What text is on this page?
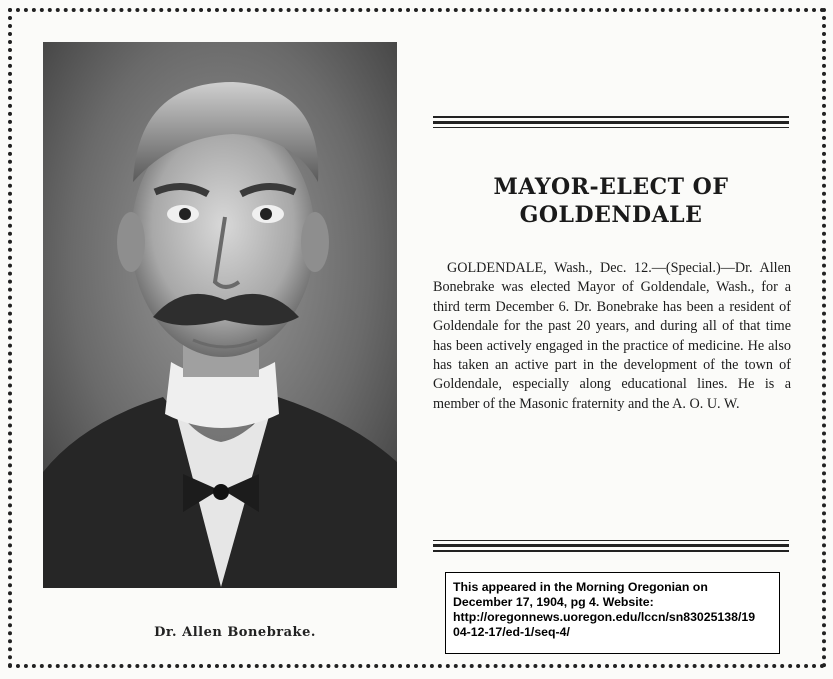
Dr. Allen Bonebrake.
MAYOR-ELECT OF
GOLDENDALE
GOLDENDALE, Wash., Dec. 12.—(Special.)—Dr. Allen Bonebrake was elected Mayor of Goldendale, Wash., for a third term December 6. Dr. Bonebrake has been a resident of Goldendale for the past 20 years, and during all of that time has been actively engaged in the practice of medicine. He also has taken an active part in the development of the town of Goldendale, especially along educational lines. He is a member of the Masonic fraternity and the A. O. U. W.
This appeared in the Morning Oregonian on
December 17, 1904, pg 4. Website:
http://oregonnews.uoregon.edu/lccn/sn83025138/19
04-12-17/ed-1/seq-4/
